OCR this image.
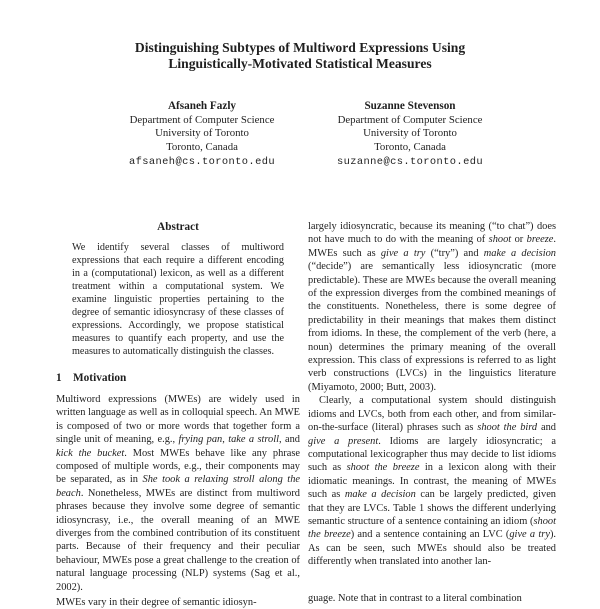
Distinguishing Subtypes of Multiword Expressions Using
Linguistically-Motivated Statistical Measures
Afsaneh Fazly
Department of Computer Science
University of Toronto
Toronto, Canada
afsaneh@cs.toronto.edu
Suzanne Stevenson
Department of Computer Science
University of Toronto
Toronto, Canada
suzanne@cs.toronto.edu
Abstract
We identify several classes of multiword expressions that each require a different encoding in a (computational) lexicon, as well as a different treatment within a computational system. We examine linguistic properties pertaining to the degree of semantic idiosyncrasy of these classes of expressions. Accordingly, we propose statistical measures to quantify each property, and use the measures to automatically distinguish the classes.
1 Motivation

Multiword expressions (MWEs) are widely used in written language as well as in colloquial speech. An MWE is composed of two or more words that together form a single unit of meaning, e.g., frying pan, take a stroll, and kick the bucket. Most MWEs behave like any phrase composed of multiple words, e.g., their components may be separated, as in She took a relaxing stroll along the beach. Nonetheless, MWEs are distinct from multiword phrases because they involve some degree of semantic idiosyncrasy, i.e., the overall meaning of an MWE diverges from the combined contribution of its constituent parts. Because of their frequency and their peculiar behaviour, MWEs pose a great challenge to the creation of natural language processing (NLP) systems (Sag et al., 2002).

MWEs vary in their degree of semantic idiosyn-

largely idiosyncratic, because its meaning (“to chat”) does not have much to do with the meaning of shoot or breeze. MWEs such as give a try (“try”) and make a decision (“decide”) are semantically less idiosyncratic (more predictable). These are MWEs because the overall meaning of the expression diverges from the combined meanings of the constituents. Nonetheless, there is some degree of predictability in their meanings that makes them distinct from idioms. In these, the complement of the verb (here, a noun) determines the primary meaning of the overall expression. This class of expressions is referred to as light verb constructions (LVCs) in the linguistics literature (Miyamoto, 2000; Butt, 2003).

Clearly, a computational system should distinguish idioms and LVCs, both from each other, and from similar-on-the-surface (literal) phrases such as shoot the bird and give a present. Idioms are largely idiosyncratic; a computational lexicographer thus may decide to list idioms such as shoot the breeze in a lexicon along with their idiomatic meanings. In contrast, the meaning of MWEs such as make a decision can be largely predicted, given that they are LVCs. Table 1 shows the different underlying semantic structure of a sentence containing an idiom (shoot the breeze) and a sentence containing an LVC (give a try). As can be seen, such MWEs should also be treated differently when translated into another lan-

guage. Note that in contrast to a literal combination
